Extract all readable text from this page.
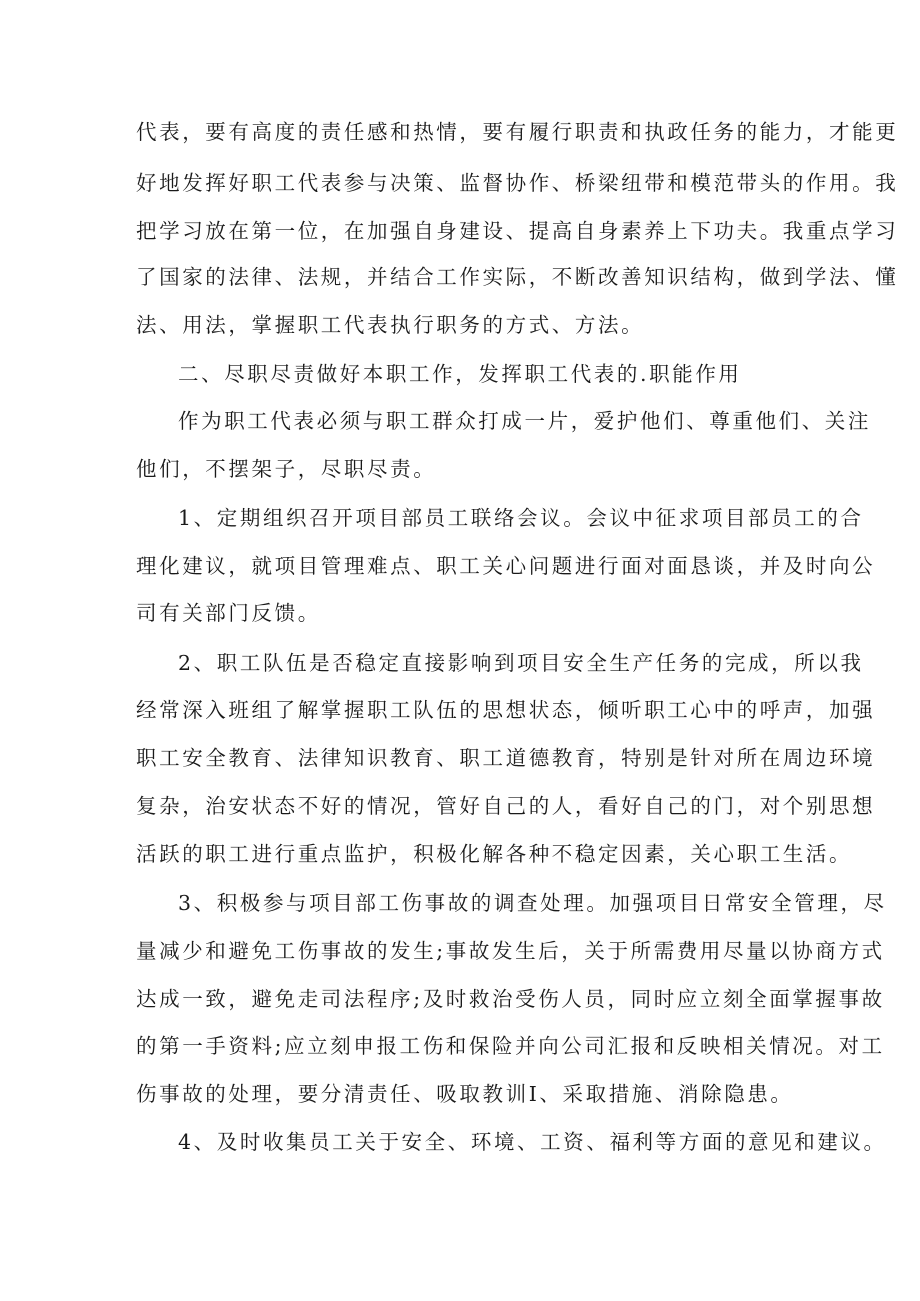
代表，要有高度的责任感和热情，要有履行职责和执政任务的能力，才能更
好地发挥好职工代表参与决策、监督协作、桥梁纽带和模范带头的作用。我
把学习放在第一位，在加强自身建设、提高自身素养上下功夫。我重点学习
了国家的法律、法规，并结合工作实际，不断改善知识结构，做到学法、懂
法、用法，掌握职工代表执行职务的方式、方法。
二、尽职尽责做好本职工作，发挥职工代表的.职能作用
作为职工代表必须与职工群众打成一片，爱护他们、尊重他们、关注
他们，不摆架子，尽职尽责。
1、定期组织召开项目部员工联络会议。会议中征求项目部员工的合
理化建议，就项目管理难点、职工关心问题进行面对面恳谈，并及时向公
司有关部门反馈。
2、职工队伍是否稳定直接影响到项目安全生产任务的完成，所以我
经常深入班组了解掌握职工队伍的思想状态，倾听职工心中的呼声，加强
职工安全教育、法律知识教育、职工道德教育，特别是针对所在周边环境
复杂，治安状态不好的情况，管好自己的人，看好自己的门，对个别思想
活跃的职工进行重点监护，积极化解各种不稳定因素，关心职工生活。
3、积极参与项目部工伤事故的调查处理。加强项目日常安全管理，尽
量减少和避免工伤事故的发生;事故发生后，关于所需费用尽量以协商方式
达成一致，避免走司法程序;及时救治受伤人员，同时应立刻全面掌握事故
的第一手资料;应立刻申报工伤和保险并向公司汇报和反映相关情况。对工
伤事故的处理，要分清责任、吸取教训I、采取措施、消除隐患。
4、及时收集员工关于安全、环境、工资、福利等方面的意见和建议。
